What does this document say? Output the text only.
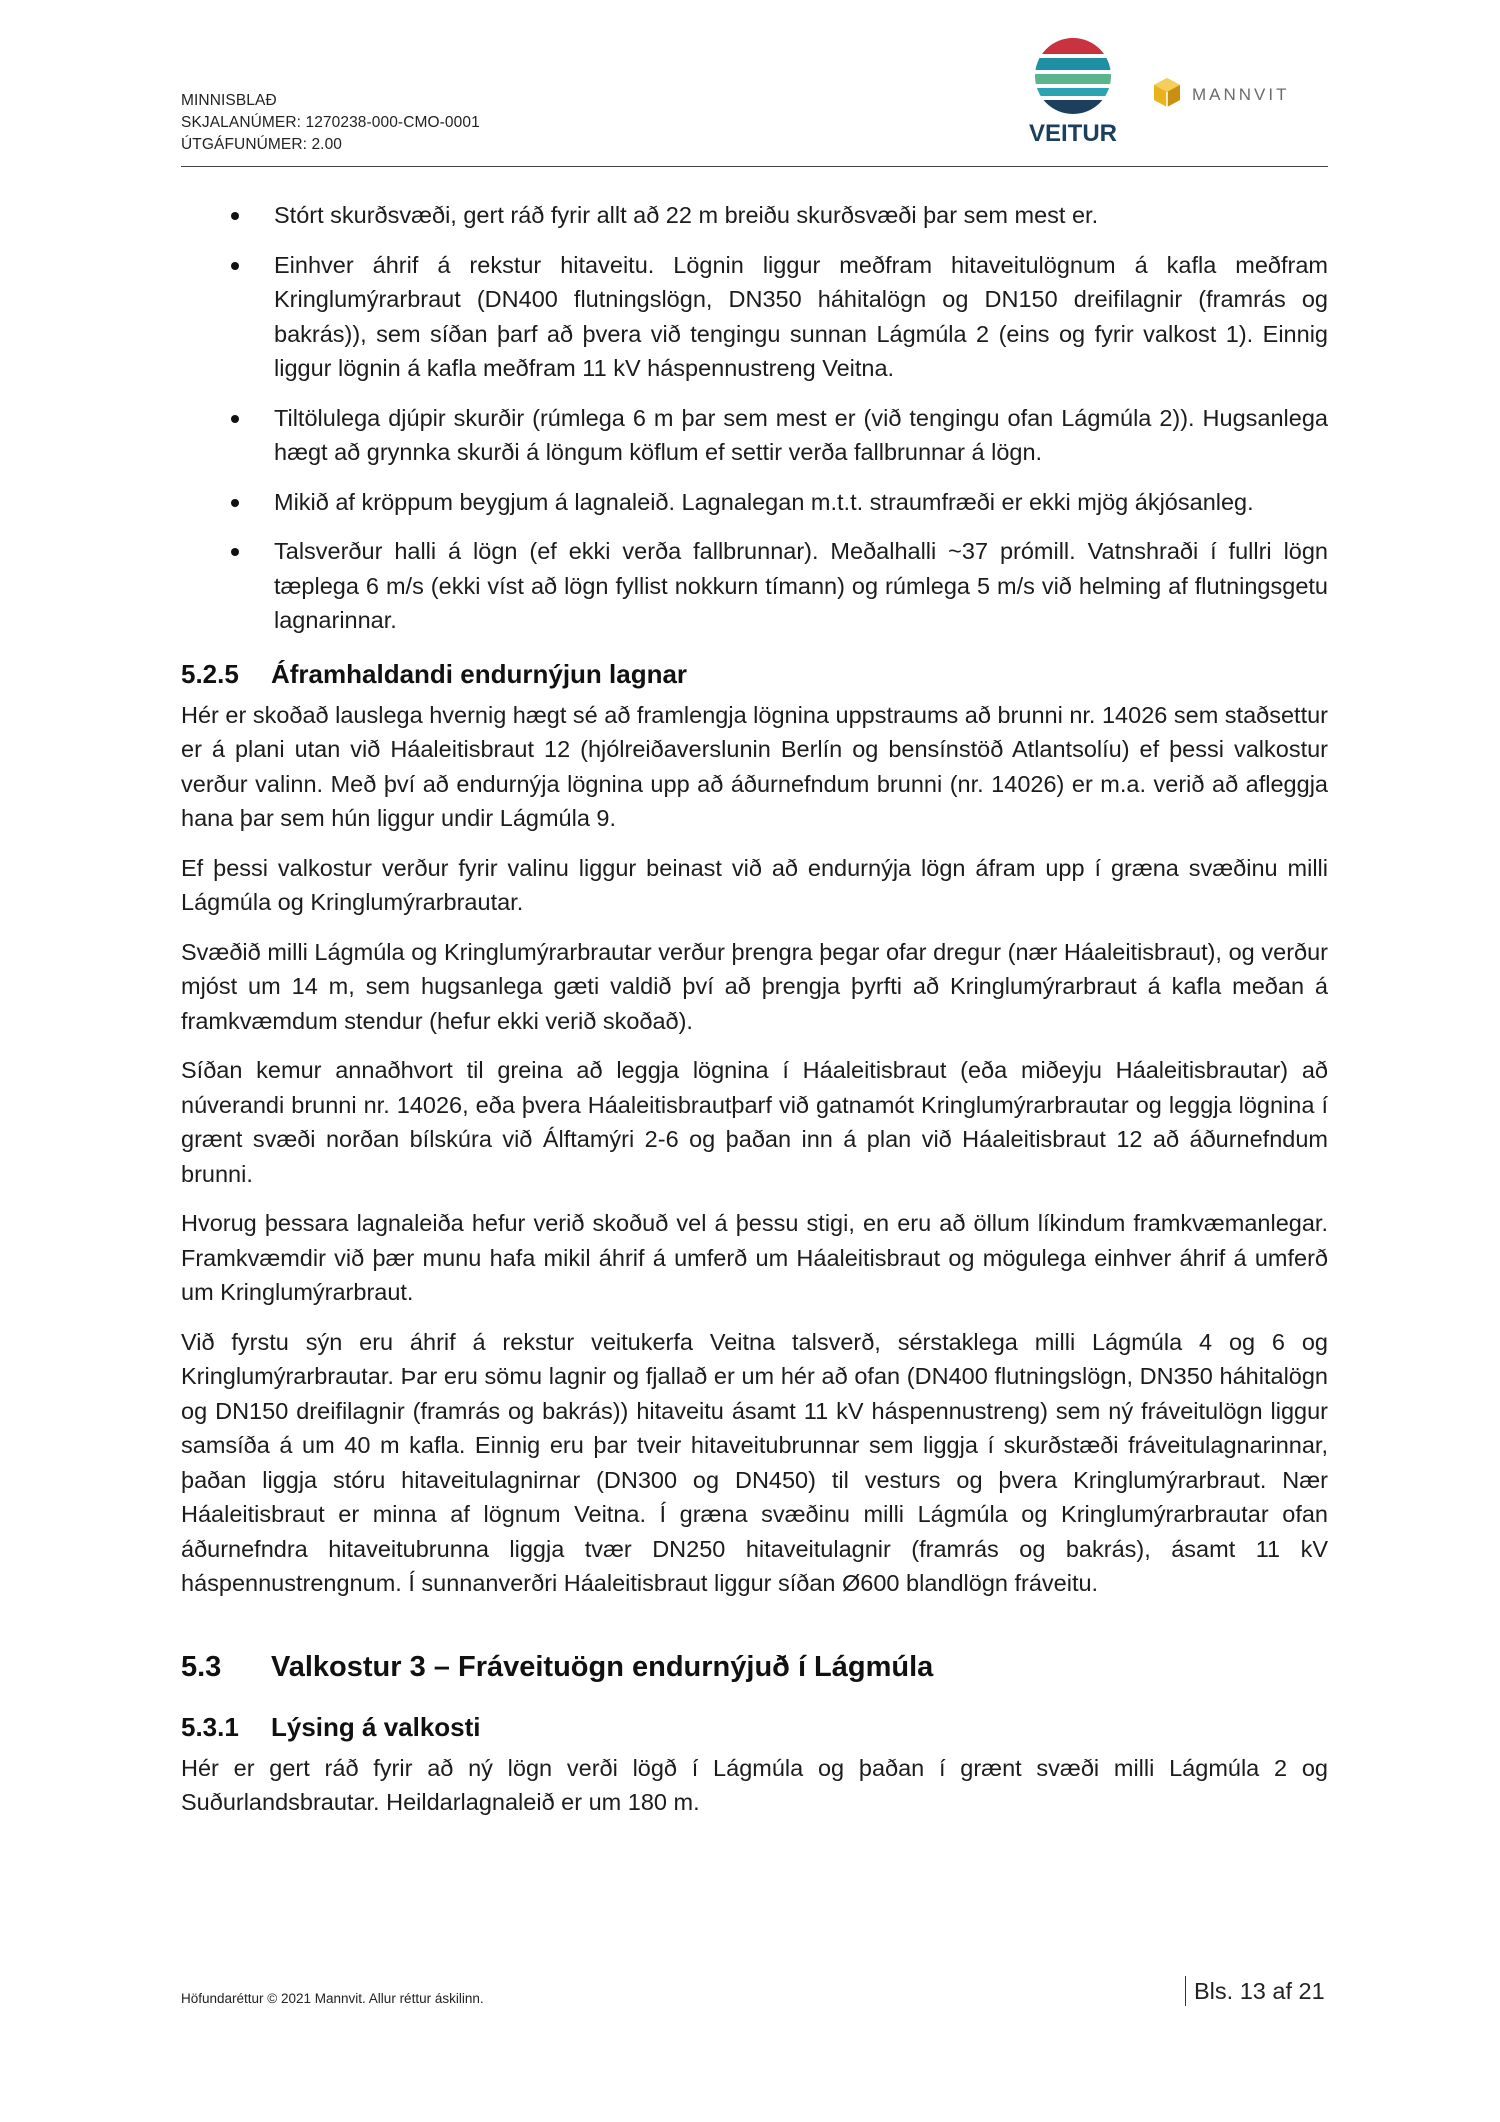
MINNISBLAÐ
SKJALANÚMER: 1270238-000-CMO-0001
ÚTGÁFUNÚMER: 2.00	VEITUR
MANNVIT
Stórt skurðsvæði, gert ráð fyrir allt að 22 m breiðu skurðsvæði þar sem mest er.
Einhver áhrif á rekstur hitaveitu. Lögnin liggur meðfram hitaveitulögnum á kafla meðfram Kringlumýrarbraut (DN400 flutningslögn, DN350 háhitalögn og DN150 dreifilagnir (framrás og bakrás)), sem síðan þarf að þvera við tengingu sunnan Lágmúla 2 (eins og fyrir valkost 1). Einnig liggur lögnin á kafla meðfram 11 kV háspennustreng Veitna.
Tiltölulega djúpir skurðir (rúmlega 6 m þar sem mest er (við tengingu ofan Lágmúla 2)). Hugsanlega hægt að grynnka skurði á löngum köflum ef settir verða fallbrunnar á lögn.
Mikið af kröppum beygjum á lagnaleið. Lagnalegan m.t.t. straumfræði er ekki mjög ákjósanleg.
Talsverður halli á lögn (ef ekki verða fallbrunnar). Meðalhalli ~37 prómill. Vatnshraði í fullri lögn tæplega 6 m/s (ekki víst að lögn fyllist nokkurn tímann) og rúmlega 5 m/s við helming af flutningsgetu lagnarinnar.
5.2.5 Áframhaldandi endurnýjun lagnar

Hér er skoðað lauslega hvernig hægt sé að framlengja lögnina uppstraums að brunni nr. 14026 sem staðsettur er á plani utan við Háaleitisbraut 12 (hjólreiðaverslunin Berlín og bensínstöð Atlantsolíu) ef þessi valkostur verður valinn. Með því að endurnýja lögnina upp að áðurnefndum brunni (nr. 14026) er m.a. verið að afleggja hana þar sem hún liggur undir Lágmúla 9.

Ef þessi valkostur verður fyrir valinu liggur beinast við að endurnýja lögn áfram upp í græna svæðinu milli Lágmúla og Kringlumýrarbrautar.

Svæðið milli Lágmúla og Kringlumýrarbrautar verður þrengra þegar ofar dregur (nær Háaleitisbraut), og verður mjóst um 14 m, sem hugsanlega gæti valdið því að þrengja þyrfti að Kringlumýrarbraut á kafla meðan á framkvæmdum stendur (hefur ekki verið skoðað).

Síðan kemur annaðhvort til greina að leggja lögnina í Háaleitisbraut (eða miðeyju Háaleitisbrautar) að núverandi brunni nr. 14026, eða þvera Háaleitisbrautþarf við gatnamót Kringlumýrarbrautar og leggja lögnina í grænt svæði norðan bílskúra við Álftamýri 2-6 og þaðan inn á plan við Háaleitisbraut 12 að áðurnefndum brunni.

Hvorug þessara lagnaleiða hefur verið skoðuð vel á þessu stigi, en eru að öllum líkindum framkvæmanlegar. Framkvæmdir við þær munu hafa mikil áhrif á umferð um Háaleitisbraut og mögulega einhver áhrif á umferð um Kringlumýrarbraut.

Við fyrstu sýn eru áhrif á rekstur veitukerfa Veitna talsverð, sérstaklega milli Lágmúla 4 og 6 og Kringlumýrarbrautar. Þar eru sömu lagnir og fjallað er um hér að ofan (DN400 flutningslögn, DN350 háhitalögn og DN150 dreifilagnir (framrás og bakrás)) hitaveitu ásamt 11 kV háspennustreng) sem ný fráveitulögn liggur samsíða á um 40 m kafla. Einnig eru þar tveir hitaveitubrunnar sem liggja í skurðstæði fráveitulagnarinnar, þaðan liggja stóru hitaveitulagnirnar (DN300 og DN450) til vesturs og þvera Kringlumýrarbraut. Nær Háaleitisbraut er minna af lögnum Veitna. Í græna svæðinu milli Lágmúla og Kringlumýrarbrautar ofan áðurnefndra hitaveitubrunna liggja tvær DN250 hitaveitulagnir (framrás og bakrás), ásamt 11 kV háspennustrengnum. Í sunnanverðri Háaleitisbraut liggur síðan Ø600 blandlögn fráveitu.

5.3 Valkostur 3 – Fráveituögn endurnýjuð í Lágmúla
5.3.1 Lýsing á valkosti

Hér er gert ráð fyrir að ný lögn verði lögð í Lágmúla og þaðan í grænt svæði milli Lágmúla 2 og Suðurlandsbrautar. Heildarlagnaleið er um 180 m.

Höfundaréttur © 2021 Mannvit. Allur réttur áskilinn.	Bls. 13 af 21
